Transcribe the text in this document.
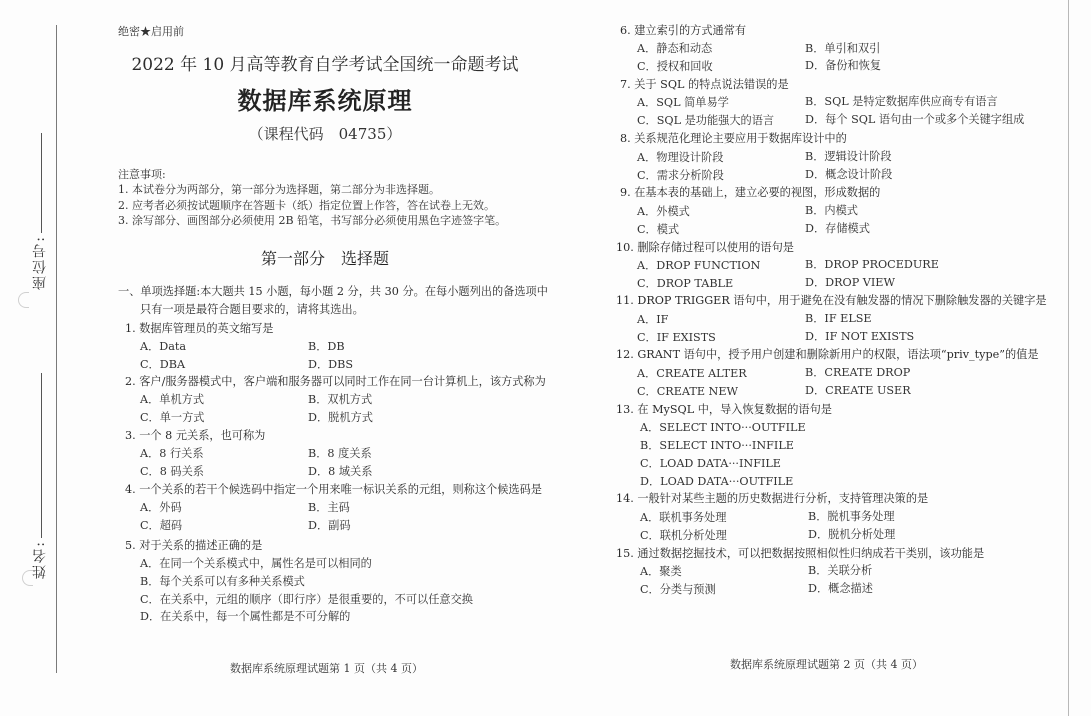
座位号:
姓名:
绝密★启用前
2022 年 10 月高等教育自学考试全国统一命题考试
数据库系统原理
（课程代码　04735）
注意事项:
1. 本试卷分为两部分，第一部分为选择题，第二部分为非选择题。
2. 应考者必须按试题顺序在答题卡（纸）指定位置上作答，答在试卷上无效。
3. 涂写部分、画图部分必须使用 2B 铅笔，书写部分必须使用黑色字迹签字笔。
第一部分　选择题
一、单项选择题:本大题共 15 小题，每小题 2 分，共 30 分。在每小题列出的备选项中
只有一项是最符合题目要求的，请将其选出。
1. 数据库管理员的英文缩写是
A．Data	B．DB
C．DBA	D．DBS
2. 客户/服务器模式中，客户端和服务器可以同时工作在同一台计算机上，该方式称为
A．单机方式	B．双机方式
C．单一方式	D．脱机方式
3. 一个 8 元关系，也可称为
A．8 行关系	B．8 度关系
C．8 码关系	D．8 域关系
4. 一个关系的若干个候选码中指定一个用来唯一标识关系的元组，则称这个候选码是
A．外码	B．主码
C．超码	D．副码
5. 对于关系的描述正确的是
A．在同一个关系模式中，属性名是可以相同的
B．每个关系可以有多种关系模式
C．在关系中，元组的顺序（即行序）是很重要的，不可以任意交换
D．在关系中，每一个属性都是不可分解的
数据库系统原理试题第 1 页（共 4 页）
6. 建立索引的方式通常有
A．静态和动态	B．单引和双引
C．授权和回收	D．备份和恢复
7. 关于 SQL 的特点说法错误的是
A．SQL 简单易学	B．SQL 是特定数据库供应商专有语言
C．SQL 是功能强大的语言	D．每个 SQL 语句由一个或多个关键字组成
8. 关系规范化理论主要应用于数据库设计中的
A．物理设计阶段	B．逻辑设计阶段
C．需求分析阶段	D．概念设计阶段
9. 在基本表的基础上，建立必要的视图，形成数据的
A．外模式	B．内模式
C．模式	D．存储模式
10. 删除存储过程可以使用的语句是
A．DROP FUNCTION	B．DROP PROCEDURE
C．DROP TABLE	D．DROP VIEW
11. DROP TRIGGER 语句中，用于避免在没有触发器的情况下删除触发器的关键字是
A．IF	B．IF ELSE
C．IF EXISTS	D．IF NOT EXISTS
12. GRANT 语句中，授予用户创建和删除新用户的权限，语法项“priv_type”的值是
A．CREATE ALTER	B．CREATE DROP
C．CREATE NEW	D．CREATE USER
13. 在 MySQL 中，导入恢复数据的语句是
A．SELECT INTO···OUTFILE
B．SELECT INTO···INFILE
C．LOAD DATA···INFILE
D．LOAD DATA···OUTFILE
14. 一般针对某些主题的历史数据进行分析，支持管理决策的是
A．联机事务处理	B．脱机事务处理
C．联机分析处理	D．脱机分析处理
15. 通过数据挖掘技术，可以把数据按照相似性归纳成若干类别，该功能是
A．聚类	B．关联分析
C．分类与预测	D．概念描述
数据库系统原理试题第 2 页（共 4 页）
